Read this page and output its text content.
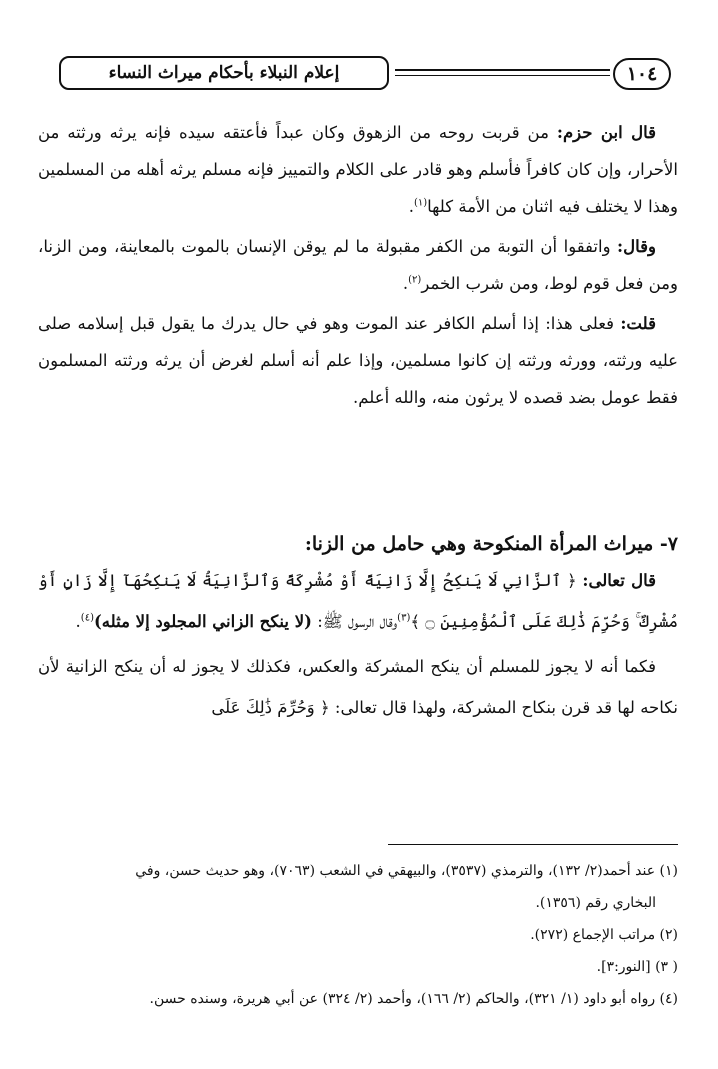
إعلام النبلاء بأحكام ميراث النساء	١٠٤

قال ابن حزم: من قربت روحه من الزهوق وكان عبداً فأعتقه سيده فإنه يرثه ورثته من الأحرار، وإن كان كافراً فأسلم وهو قادر على الكلام والتمييز فإنه مسلم يرثه أهله من المسلمين وهذا لا يختلف فيه اثنان من الأمة كلها$^{(١)}$.

وقال: واتفقوا أن التوبة من الكفر مقبولة ما لم يوقن الإنسان بالموت بالمعاينة، ومن الزنا، ومن فعل قوم لوط، ومن شرب الخمر$^{(٢)}$.

قلت: فعلى هذا: إذا أسلم الكافر عند الموت وهو في حال يدرك ما يقول قبل إسلامه صلى عليه ورثته، وورثه ورثته إن كانوا مسلمين، وإذا علم أنه أسلم لغرض أن يرثه ورثته المسلمون فقط عومل بضد قصده لا يرثون منه، والله أعلم.

٧- ميراث المرأة المنكوحة وهي حامل من الزنا:

قال تعالى: ﴿ ٱلزَّانِي لَا يَنكِحُ إِلَّا زَانِيَةً أَوْ مُشْرِكَةً وَٱلزَّانِيَةُ لَا يَنكِحُهَآ إِلَّا زَانٍ أَوْ مُشْرِكٌ ۚ وَحُرِّمَ ذَٰلِكَ عَلَى ٱلْمُؤْمِنِينَ ۝ ﴾$^{(٣)}$وقال الرسول ﷺ: (لا ينكح الزاني المجلود إلا مثله)$^{(٤)}$.

فكما أنه لا يجوز للمسلم أن ينكح المشركة والعكس، فكذلك لا يجوز له أن ينكح الزانية لأن نكاحه لها قد قرن بنكاح المشركة، ولهذا قال تعالى: ﴿ وَحُرِّمَ ذَٰلِكَ عَلَى

(١) عند أحمد(٢/ ١٣٢)، والترمذي (٣٥٣٧)، والبيهقي في الشعب (٧٠٦٣)، وهو حديث حسن، وفي
البخاري رقم (١٣٥٦).
(٢) مراتب الإجماع (٢٧٢).
( ٣) [النور:٣].
(٤) رواه أبو داود (١/ ٣٢١)، والحاكم (٢/ ١٦٦)، وأحمد (٢/ ٣٢٤) عن أبي هريرة، وسنده حسن.
